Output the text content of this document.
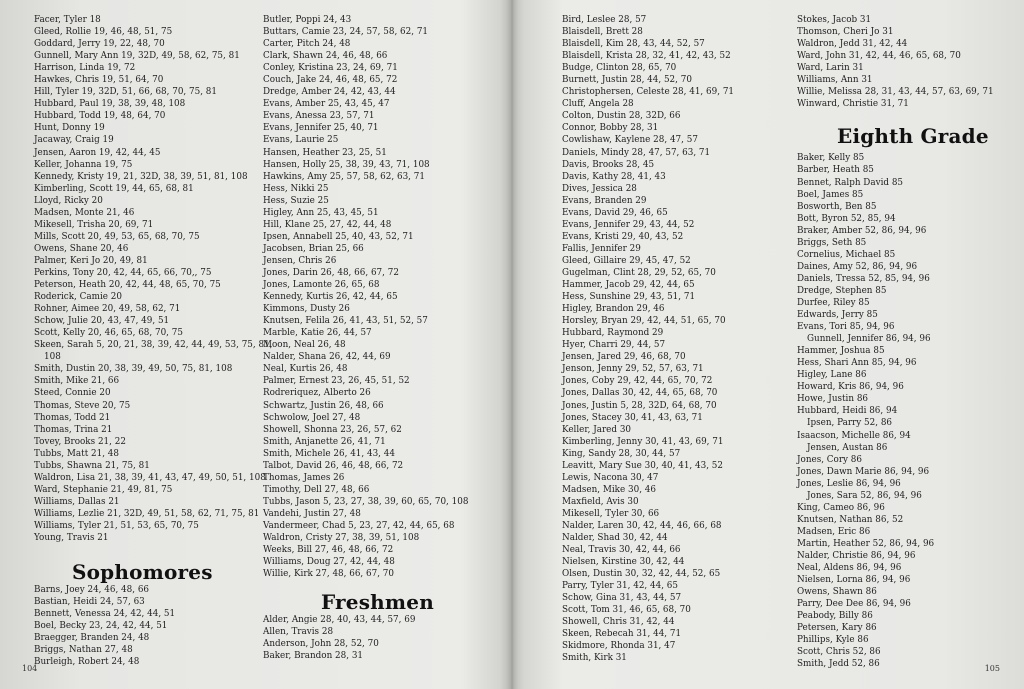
Facer, Tyler 18
Gleed, Rollie 19, 46, 48, 51, 75
Goddard, Jerry 19, 22, 48, 70
Gunnell, Mary Ann 19, 32D, 49, 58, 62, 75, 81
Harrison, Linda 19, 72
Hawkes, Chris 19, 51, 64, 70
Hill, Tyler 19, 32D, 51, 66, 68, 70, 75, 81
Hubbard, Paul 19, 38, 39, 48, 108
Hubbard, Todd 19, 48, 64, 70
Hunt, Donny 19
Jacaway, Craig 19
Jensen, Aaron 19, 42, 44, 45
Keller, Johanna 19, 75
Kennedy, Kristy 19, 21, 32D, 38, 39, 51, 81, 108
Kimberling, Scott 19, 44, 65, 68, 81
Lloyd, Ricky 20
Madsen, Monte 21, 46
Mikesell, Trisha 20, 69, 71
Mills, Scott 20, 49, 53, 65, 68, 70, 75
Owens, Shane 20, 46
Palmer, Keri Jo 20, 49, 81
Perkins, Tony 20, 42, 44, 65, 66, 70,, 75
Peterson, Heath 20, 42, 44, 48, 65, 70, 75
Roderick, Camie 20
Rohner, Aimee 20, 49, 58, 62, 71
Schow, Julie 20, 43, 47, 49, 51
Scott, Kelly 20, 46, 65, 68, 70, 75
Skeen, Sarah 5, 20, 21, 38, 39, 42, 44, 49, 53, 75, 81,
108
Smith, Dustin 20, 38, 39, 49, 50, 75, 81, 108
Smith, Mike 21, 66
Steed, Connie 20
Thomas, Steve 20, 75
Thomas, Todd 21
Thomas, Trina 21
Tovey, Brooks 21, 22
Tubbs, Matt 21, 48
Tubbs, Shawna 21, 75, 81
Waldron, Lisa 21, 38, 39, 41, 43, 47, 49, 50, 51, 108
Ward, Stephanie 21, 49, 81, 75
Williams, Dallas 21
Williams, Lezlie 21, 32D, 49, 51, 58, 62, 71, 75, 81
Williams, Tyler 21, 51, 53, 65, 70, 75
Young, Travis 21
Sophomores
Barns, Joey 24, 46, 48, 66
Bastian, Heidi 24, 57, 63
Bennett, Venessa 24, 42, 44, 51
Boel, Becky 23, 24, 42, 44, 51
Braegger, Branden 24, 48
Briggs, Nathan 27, 48
Burleigh, Robert 24, 48
Butler, Poppi 24, 43
Buttars, Camie 23, 24, 57, 58, 62, 71
Carter, Pitch 24, 48
Clark, Shawn 24, 46, 48, 66
Conley, Kristina 23, 24, 69, 71
Couch, Jake 24, 46, 48, 65, 72
Dredge, Amber 24, 42, 43, 44
Evans, Amber 25, 43, 45, 47
Evans, Anessa 23, 57, 71
Evans, Jennifer 25, 40, 71
Evans, Laurie 25
Hansen, Heather 23, 25, 51
Hansen, Holly 25, 38, 39, 43, 71, 108
Hawkins, Amy 25, 57, 58, 62, 63, 71
Hess, Nikki 25
Hess, Suzie 25
Higley, Ann 25, 43, 45, 51
Hill, Klane 25, 27, 42, 44, 48
Ipsen, Annabell 25, 40, 43, 52, 71
Jacobsen, Brian 25, 66
Jensen, Chris 26
Jones, Darin 26, 48, 66, 67, 72
Jones, Lamonte 26, 65, 68
Kennedy, Kurtis 26, 42, 44, 65
Kimmons, Dusty 26
Knutsen, Felila 26, 41, 43, 51, 52, 57
Marble, Katie 26, 44, 57
Moon, Neal 26, 48
Nalder, Shana 26, 42, 44, 69
Neal, Kurtis 26, 48
Palmer, Ernest 23, 26, 45, 51, 52
Rodreriquez, Alberto 26
Schwartz, Justin 26, 48, 66
Schwolow, Joel 27, 48
Showell, Shonna 23, 26, 57, 62
Smith, Anjanette 26, 41, 71
Smith, Michele 26, 41, 43, 44
Talbot, David 26, 46, 48, 66, 72
Thomas, James 26
Timothy, Dell 27, 48, 66
Tubbs, Jason 5, 23, 27, 38, 39, 60, 65, 70, 108
Vandehi, Justin 27, 48
Vandermeer, Chad 5, 23, 27, 42, 44, 65, 68
Waldron, Cristy 27, 38, 39, 51, 108
Weeks, Bill 27, 46, 48, 66, 72
Williams, Doug 27, 42, 44, 48
Willie, Kirk 27, 48, 66, 67, 70
Freshmen
Alder, Angie 28, 40, 43, 44, 57, 69
Allen, Travis 28
Anderson, John 28, 52, 70
Baker, Brandon 28, 31
104
Bird, Leslee 28, 57
Blaisdell, Brett 28
Blaisdell, Kim 28, 43, 44, 52, 57
Blaisdell, Krista 28, 32, 41, 42, 43, 52
Budge, Clinton 28, 65, 70
Burnett, Justin 28, 44, 52, 70
Christophersen, Celeste 28, 41, 69, 71
Cluff, Angela 28
Colton, Dustin 28, 32D, 66
Connor, Bobby 28, 31
Cowlishaw, Kaylene 28, 47, 57
Daniels, Mindy 28, 47, 57, 63, 71
Davis, Brooks 28, 45
Davis, Kathy 28, 41, 43
Dives, Jessica 28
Evans, Branden 29
Evans, David 29, 46, 65
Evans, Jennifer 29, 43, 44, 52
Evans, Kristi 29, 40, 43, 52
Fallis, Jennifer 29
Gleed, Gillaire 29, 45, 47, 52
Gugelman, Clint 28, 29, 52, 65, 70
Hammer, Jacob 29, 42, 44, 65
Hess, Sunshine 29, 43, 51, 71
Higley, Brandon 29, 46
Horsley, Bryan 29, 42, 44, 51, 65, 70
Hubbard, Raymond 29
Hyer, Charri 29, 44, 57
Jensen, Jared 29, 46, 68, 70
Jenson, Jenny 29, 52, 57, 63, 71
Jones, Coby 29, 42, 44, 65, 70, 72
Jones, Dallas 30, 42, 44, 65, 68, 70
Jones, Justin 5, 28, 32D, 64, 68, 70
Jones, Stacey 30, 41, 43, 63, 71
Keller, Jared 30
Kimberling, Jenny 30, 41, 43, 69, 71
King, Sandy 28, 30, 44, 57
Leavitt, Mary Sue 30, 40, 41, 43, 52
Lewis, Nacona 30, 47
Madsen, Mike 30, 46
Maxfield, Avis 30
Mikesell, Tyler 30, 66
Nalder, Laren 30, 42, 44, 46, 66, 68
Nalder, Shad 30, 42, 44
Neal, Travis 30, 42, 44, 66
Nielsen, Kirstine 30, 42, 44
Olsen, Dustin 30, 32, 42, 44, 52, 65
Parry, Tyler 31, 42, 44, 65
Schow, Gina 31, 43, 44, 57
Scott, Tom 31, 46, 65, 68, 70
Showell, Chris 31, 42, 44
Skeen, Rebecah 31, 44, 71
Skidmore, Rhonda 31, 47
Smith, Kirk 31
Stokes, Jacob 31
Thomson, Cheri Jo 31
Waldron, Jedd 31, 42, 44
Ward, John 31, 42, 44, 46, 65, 68, 70
Ward, Larin 31
Williams, Ann 31
Willie, Melissa 28, 31, 43, 44, 57, 63, 69, 71
Winward, Christie 31, 71
Eighth Grade
Baker, Kelly 85
Barber, Heath 85
Bennet, Ralph David 85
Boel, James 85
Bosworth, Ben 85
Bott, Byron 52, 85, 94
Braker, Amber 52, 86, 94, 96
Briggs, Seth 85
Cornelius, Michael 85
Daines, Amy 52, 86, 94, 96
Daniels, Tressa 52, 85, 94, 96
Dredge, Stephen 85
Durfee, Riley 85
Edwards, Jerry 85
Evans, Tori 85, 94, 96
Gunnell, Jennifer 86, 94, 96
Hammer, Joshua 85
Hess, Shari Ann 85, 94, 96
Higley, Lane 86
Howard, Kris 86, 94, 96
Howe, Justin 86
Hubbard, Heidi 86, 94
Ipsen, Parry 52, 86
Isaacson, Michelle 86, 94
Jensen, Austan 86
Jones, Cory 86
Jones, Dawn Marie 86, 94, 96
Jones, Leslie 86, 94, 96
Jones, Sara 52, 86, 94, 96
King, Cameo 86, 96
Knutsen, Nathan 86, 52
Madsen, Eric 86
Martin, Heather 52, 86, 94, 96
Nalder, Christie 86, 94, 96
Neal, Aldens 86, 94, 96
Nielsen, Lorna 86, 94, 96
Owens, Shawn 86
Parry, Dee Dee 86, 94, 96
Peabody, Billy 86
Petersen, Kary 86
Phillips, Kyle 86
Scott, Chris 52, 86
Smith, Jedd 52, 86	105
